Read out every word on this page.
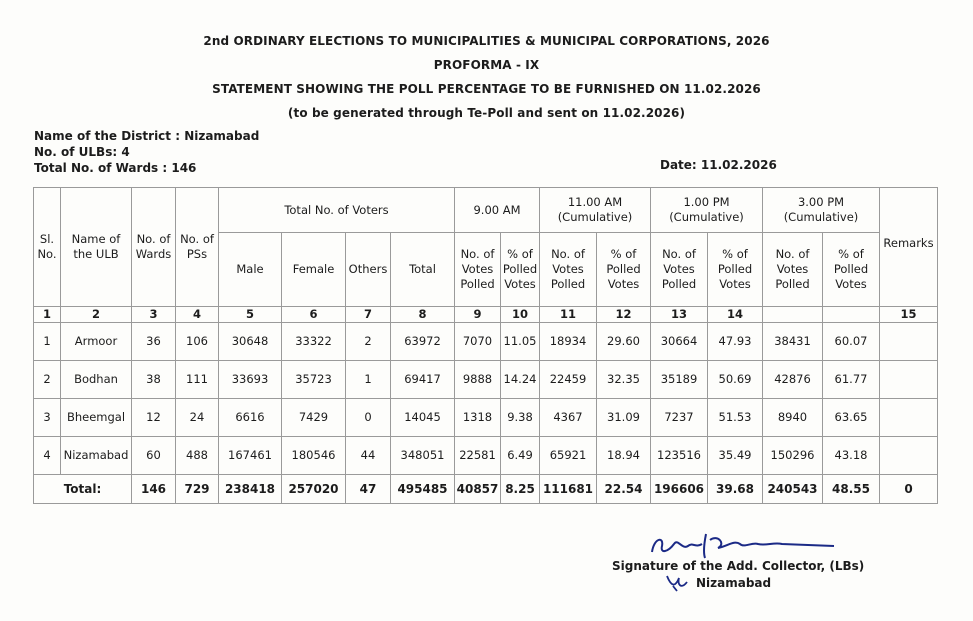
2nd ORDINARY ELECTIONS TO MUNICIPALITIES & MUNICIPAL CORPORATIONS, 2026
PROFORMA - IX
STATEMENT SHOWING THE POLL PERCENTAGE TO BE FURNISHED ON 11.02.2026
(to be generated through Te-Poll and sent on 11.02.2026)
Name of the District : Nizamabad
No. of ULBs: 4
Total No. of Wards : 146	Date: 11.02.2026
Sl. No.	Name of the ULB	No. of Wards	No. of PSs	Total No. of Voters				9.00 AM		11.00 AM (Cumulative)		1.00 PM (Cumulative)		3.00 PM (Cumulative)		Remarks
				Male	Female	Others	Total	No. of Votes Polled	% of Polled Votes	No. of Votes Polled	% of Polled Votes	No. of Votes Polled	% of Polled Votes	No. of Votes Polled	% of Polled Votes	
1	2	3	4	5	6	7	8	9	10	11	12	13	14			15
1	Armoor	36	106	30648	33322	2	63972	7070	11.05	18934	29.60	30664	47.93	38431	60.07	
2	Bodhan	38	111	33693	35723	1	69417	9888	14.24	22459	32.35	35189	50.69	42876	61.77	
3	Bheemgal	12	24	6616	7429	0	14045	1318	9.38	4367	31.09	7237	51.53	8940	63.65	
4	Nizamabad	60	488	167461	180546	44	348051	22581	6.49	65921	18.94	123516	35.49	150296	43.18	
Total:		146	729	238418	257020	47	495485	40857	8.25	111681	22.54	196606	39.68	240543	48.55	0
Signature of the Add. Collector, (LBs)
Nizamabad
